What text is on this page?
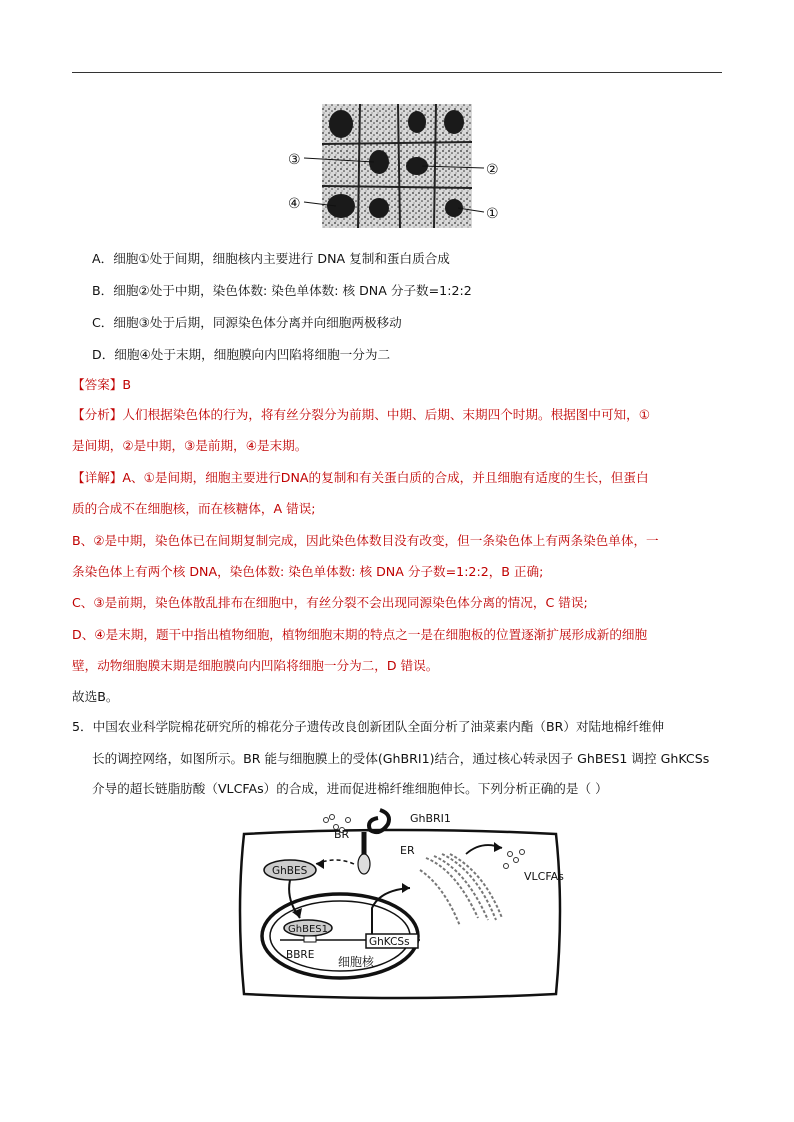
③
②
④
①
A．细胞①处于间期，细胞核内主要进行 DNA 复制和蛋白质合成
B．细胞②处于中期，染色体数: 染色单体数: 核 DNA 分子数=1:2:2
C．细胞③处于后期，同源染色体分离并向细胞两极移动
D．细胞④处于末期，细胞膜向内凹陷将细胞一分为二
【答案】B
【分析】人们根据染色体的行为，将有丝分裂分为前期、中期、后期、末期四个时期。根据图中可知，①
是间期，②是中期，③是前期，④是末期。
【详解】A、①是间期，细胞主要进行DNA的复制和有关蛋白质的合成，并且细胞有适度的生长，但蛋白
质的合成不在细胞核，而在核糖体，A 错误;
B、②是中期，染色体已在间期复制完成，因此染色体数目没有改变，但一条染色体上有两条染色单体，一
条染色体上有两个核 DNA，染色体数: 染色单体数: 核 DNA 分子数=1:2:2，B 正确;
C、③是前期，染色体散乱排布在细胞中，有丝分裂不会出现同源染色体分离的情况，C 错误;
D、④是末期，题干中指出植物细胞，植物细胞末期的特点之一是在细胞板的位置逐渐扩展形成新的细胞
壁，动物细胞膜末期是细胞膜向内凹陷将细胞一分为二，D 错误。
故选B。
5．中国农业科学院棉花研究所的棉花分子遗传改良创新团队全面分析了油菜素内酯（BR）对陆地棉纤维伸
长的调控网络，如图所示。BR 能与细胞膜上的受体(GhBRI1)结合，通过核心转录因子 GhBES1 调控 GhKCSs
介导的超长链脂肪酸（VLCFAs）的合成，进而促进棉纤维细胞伸长。下列分析正确的是（ ）
BR
GhBRI1
GhBES
GhBES1
GhKCSs
BBRE 细胞核
ER
VLCFAs
